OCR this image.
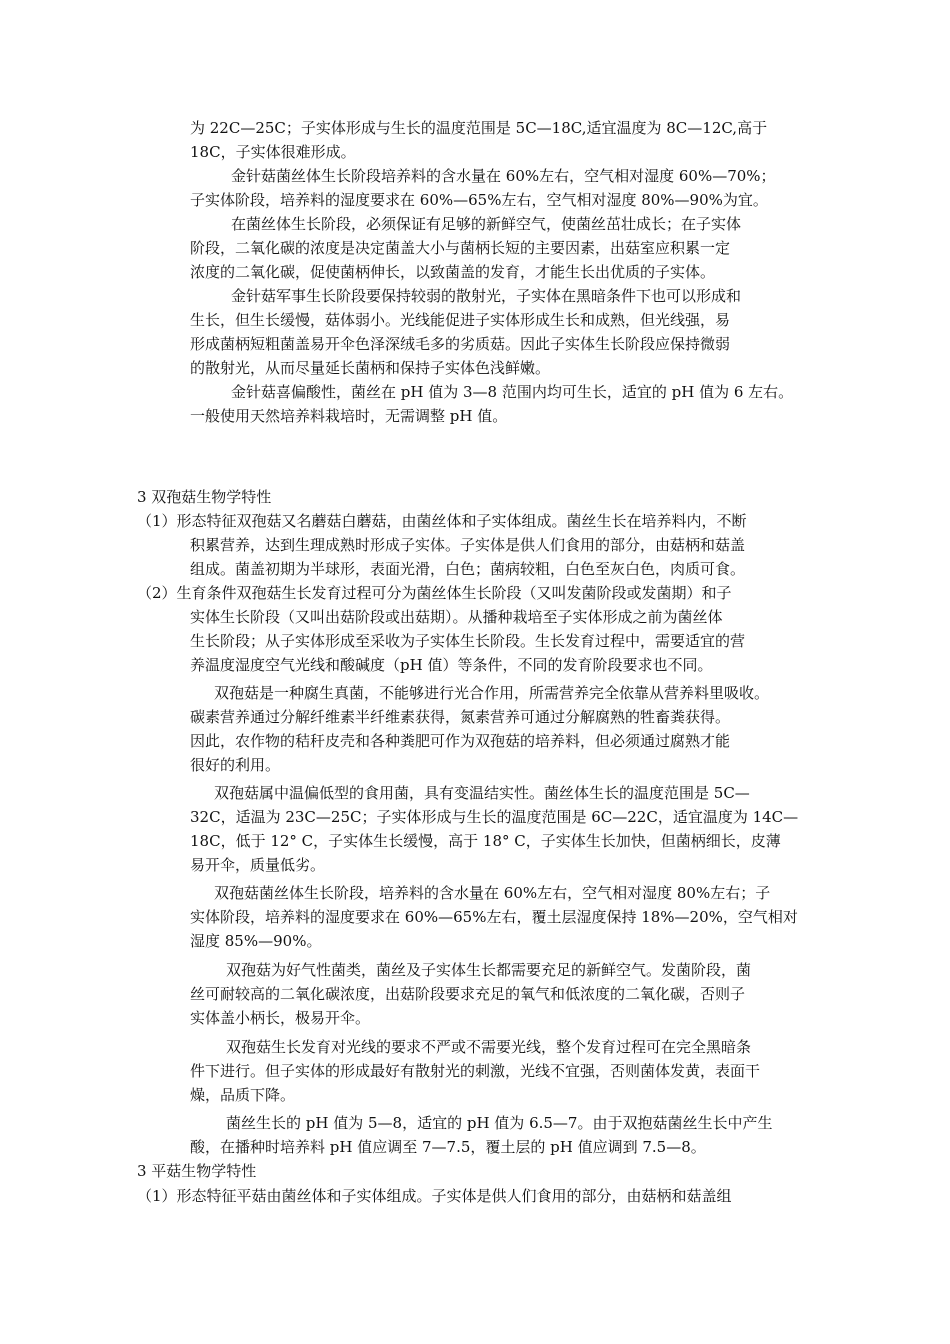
为 22C—25C；子实体形成与生长的温度范围是 5C—18C,适宜温度为 8C—12C,高于
18C，子实体很难形成。
金针菇菌丝体生长阶段培养料的含水量在 60%左右，空气相对湿度 60%—70%；
子实体阶段，培养料的湿度要求在 60%—65%左右，空气相对湿度 80%—90%为宜。
在菌丝体生长阶段，必须保证有足够的新鲜空气，使菌丝茁壮成长；在子实体
阶段，二氧化碳的浓度是决定菌盖大小与菌柄长短的主要因素，出菇室应积累一定
浓度的二氧化碳，促使菌柄伸长，以致菌盖的发育，才能生长出优质的子实体。
金针菇军事生长阶段要保持较弱的散射光，子实体在黑暗条件下也可以形成和
生长，但生长缓慢，菇体弱小。光线能促进子实体形成生长和成熟，但光线强，易
形成菌柄短粗菌盖易开伞色泽深绒毛多的劣质菇。因此子实体生长阶段应保持微弱
的散射光，从而尽量延长菌柄和保持子实体色浅鲜嫩。
金针菇喜偏酸性，菌丝在 pH 值为 3—8 范围内均可生长，适宜的 pH 值为 6 左右。
一般使用天然培养料栽培时，无需调整 pH 值。
3 双孢菇生物学特性
（1）形态特征双孢菇又名蘑菇白蘑菇，由菌丝体和子实体组成。菌丝生长在培养料内，不断
积累营养，达到生理成熟时形成子实体。子实体是供人们食用的部分，由菇柄和菇盖
组成。菌盖初期为半球形，表面光滑，白色；菌病较粗，白色至灰白色，肉质可食。
（2）生育条件双孢菇生长发育过程可分为菌丝体生长阶段（又叫发菌阶段或发菌期）和子
实体生长阶段（又叫出菇阶段或出菇期）。从播种栽培至子实体形成之前为菌丝体
生长阶段；从子实体形成至采收为子实体生长阶段。生长发育过程中，需要适宜的营
养温度湿度空气光线和酸碱度（pH 值）等条件，不同的发育阶段要求也不同。
双孢菇是一种腐生真菌，不能够进行光合作用，所需营养完全依靠从营养料里吸收。
碳素营养通过分解纤维素半纤维素获得，氮素营养可通过分解腐熟的牲畜粪获得。
因此，农作物的秸秆皮壳和各种粪肥可作为双孢菇的培养料，但必须通过腐熟才能
很好的利用。
双孢菇属中温偏低型的食用菌，具有变温结实性。菌丝体生长的温度范围是 5C—
32C，适温为 23C—25C；子实体形成与生长的温度范围是 6C—22C，适宜温度为 14C—
18C，低于 12° C，子实体生长缓慢，高于 18° C，子实体生长加快，但菌柄细长，皮薄
易开伞，质量低劣。
双孢菇菌丝体生长阶段，培养料的含水量在 60%左右，空气相对湿度 80%左右；子
实体阶段，培养料的湿度要求在 60%—65%左右，覆土层湿度保持 18%—20%，空气相对
湿度 85%—90%。
双孢菇为好气性菌类，菌丝及子实体生长都需要充足的新鲜空气。发菌阶段，菌
丝可耐较高的二氧化碳浓度，出菇阶段要求充足的氧气和低浓度的二氧化碳，否则子
实体盖小柄长，极易开伞。
双孢菇生长发育对光线的要求不严或不需要光线，整个发育过程可在完全黑暗条
件下进行。但子实体的形成最好有散射光的刺激，光线不宜强，否则菌体发黄，表面干
燥，品质下降。
菌丝生长的 pH 值为 5—8，适宜的 pH 值为 6.5—7。由于双抱菇菌丝生长中产生
酸，在播种时培养料 pH 值应调至 7—7.5，覆土层的 pH 值应调到 7.5—8。
3 平菇生物学特性
（1）形态特征平菇由菌丝体和子实体组成。子实体是供人们食用的部分，由菇柄和菇盖组
